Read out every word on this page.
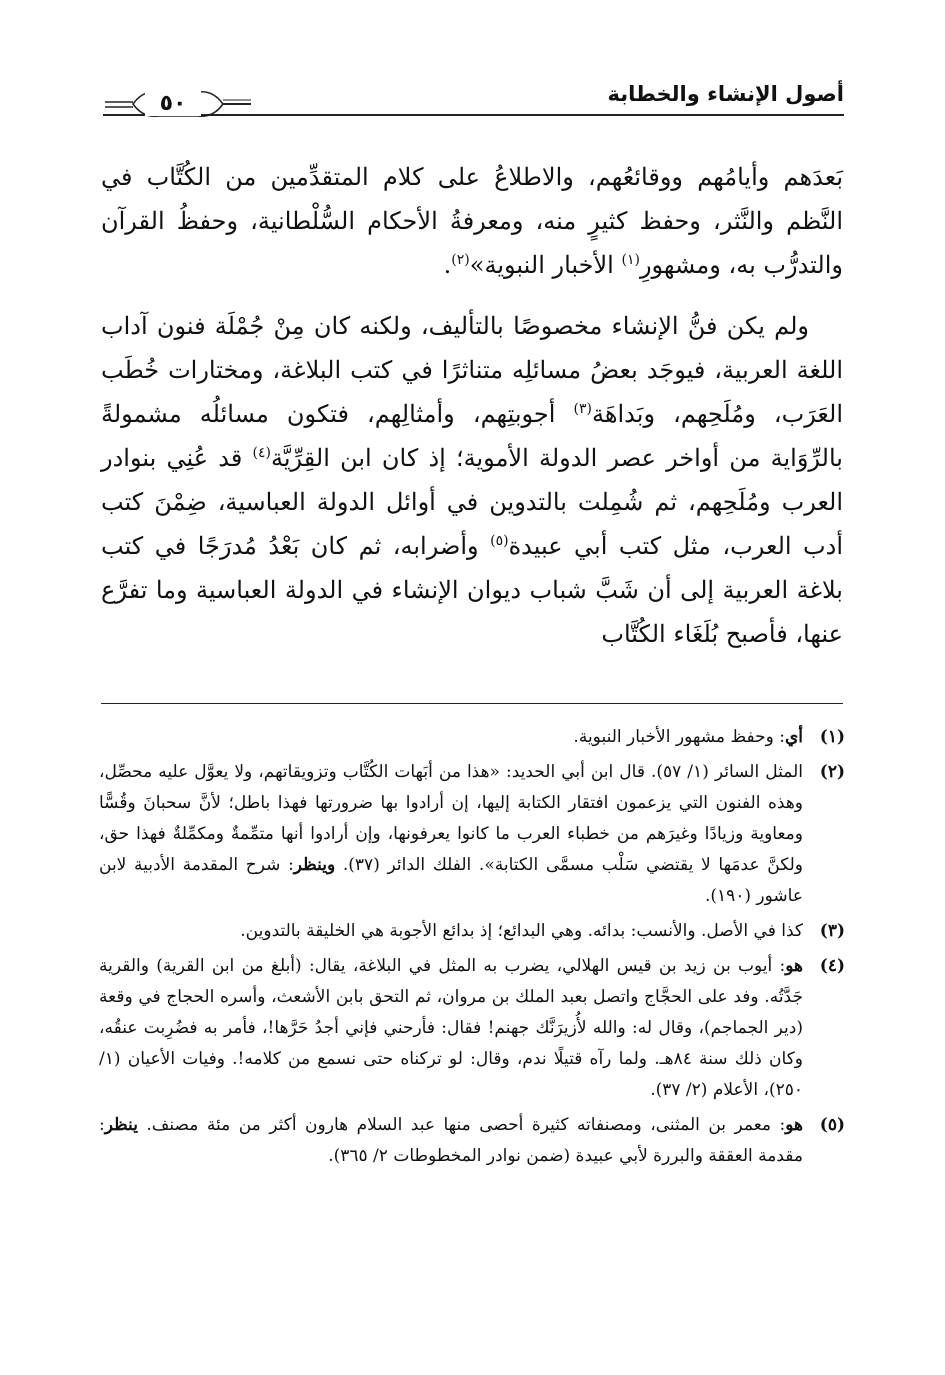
أصول الإنشاء والخطابة
٥٠

بَعدَهم وأيامُهم ووقائعُهم، والاطلاعُ على كلام المتقدِّمين من الكُتَّاب في النَّظم والنَّثر، وحفظ كثيرٍ منه، ومعرفةُ الأحكام السُّلْطانية، وحفظُ القرآن والتدرُّب به، ومشهورِ$^{(١)}$ الأخبار النبوية»$^{(٢)}$.

ولم يكن فنُّ الإنشاء مخصوصًا بالتأليف، ولكنه كان مِنْ جُمْلَة فنون آداب اللغة العربية، فيوجَد بعضُ مسائلِه متناثرًا في كتب البلاغة، ومختارات خُطَب العَرَب، ومُلَحِهم، وبَداهَة$^{(٣)}$ أجوبتِهم، وأمثالِهم، فتكون مسائلُه مشمولةً بالرِّوَاية من أواخر عصر الدولة الأموية؛ إذ كان ابن القِرِّيَّة$^{(٤)}$ قد عُنِي بنوادر العرب ومُلَحِهم، ثم شُمِلت بالتدوين في أوائل الدولة العباسية، ضِمْنَ كتب أدب العرب، مثل كتب أبي عبيدة$^{(٥)}$ وأضرابه، ثم كان بَعْدُ مُدرَجًا في كتب بلاغة العربية إلى أن شَبَّ شباب ديوان الإنشاء في الدولة العباسية وما تفرَّع عنها، فأصبح بُلَغَاء الكُتَّاب

(١)
أي: وحفظ مشهور الأخبار النبوية.
(٢)
المثل السائر (١/ ٥٧). قال ابن أبي الحديد: «هذا من أبَهات الكُتَّاب وتزويقاتهم، ولا يعوَّل عليه محصِّل، وهذه الفنون التي يزعمون افتقار الكتابة إليها، إن أرادوا بها ضرورتها فهذا باطل؛ لأنَّ سحبانَ وقُسًّا ومعاوية وزيادًا وغيرَهم من خطباء العرب ما كانوا يعرفونها، وإن أرادوا أنها متمِّمةٌ ومكمِّلةٌ فهذا حق، ولكنَّ عدمَها لا يقتضي سَلْب مسمَّى الكتابة». الفلك الدائر (٣٧). وينظر: شرح المقدمة الأدبية لابن عاشور (١٩٠).
(٣)
كذا في الأصل. والأنسب: بدائه. وهي البدائع؛ إذ بدائع الأجوبة هي الخليقة بالتدوين.
(٤)
هو: أيوب بن زيد بن قيس الهلالي، يضرب به المثل في البلاغة، يقال: (أبلغ من ابن القرية) والقرية جَدَّتُه. وفد على الحجَّاج واتصل بعبد الملك بن مروان، ثم التحق بابن الأشعث، وأسره الحجاج في وقعة (دير الجماجم)، وقال له: والله لأُزيرَنَّك جهنم! فقال: فأرحني فإني أجدُ حَرَّها!، فأمر به فضُرِبت عنقُه، وكان ذلك سنة ٨٤هـ. ولما رآه قتيلًا ندم، وقال: لو تركناه حتى نسمع من كلامه!. وفيات الأعيان (١/ ٢٥٠)، الأعلام (٢/ ٣٧).
(٥)
هو: معمر بن المثنى، ومصنفاته كثيرة أحصى منها عبد السلام هارون أكثر من مئة مصنف. ينظر: مقدمة العققة والبررة لأبي عبيدة (ضمن نوادر المخطوطات ٢/ ٣٦٥).
